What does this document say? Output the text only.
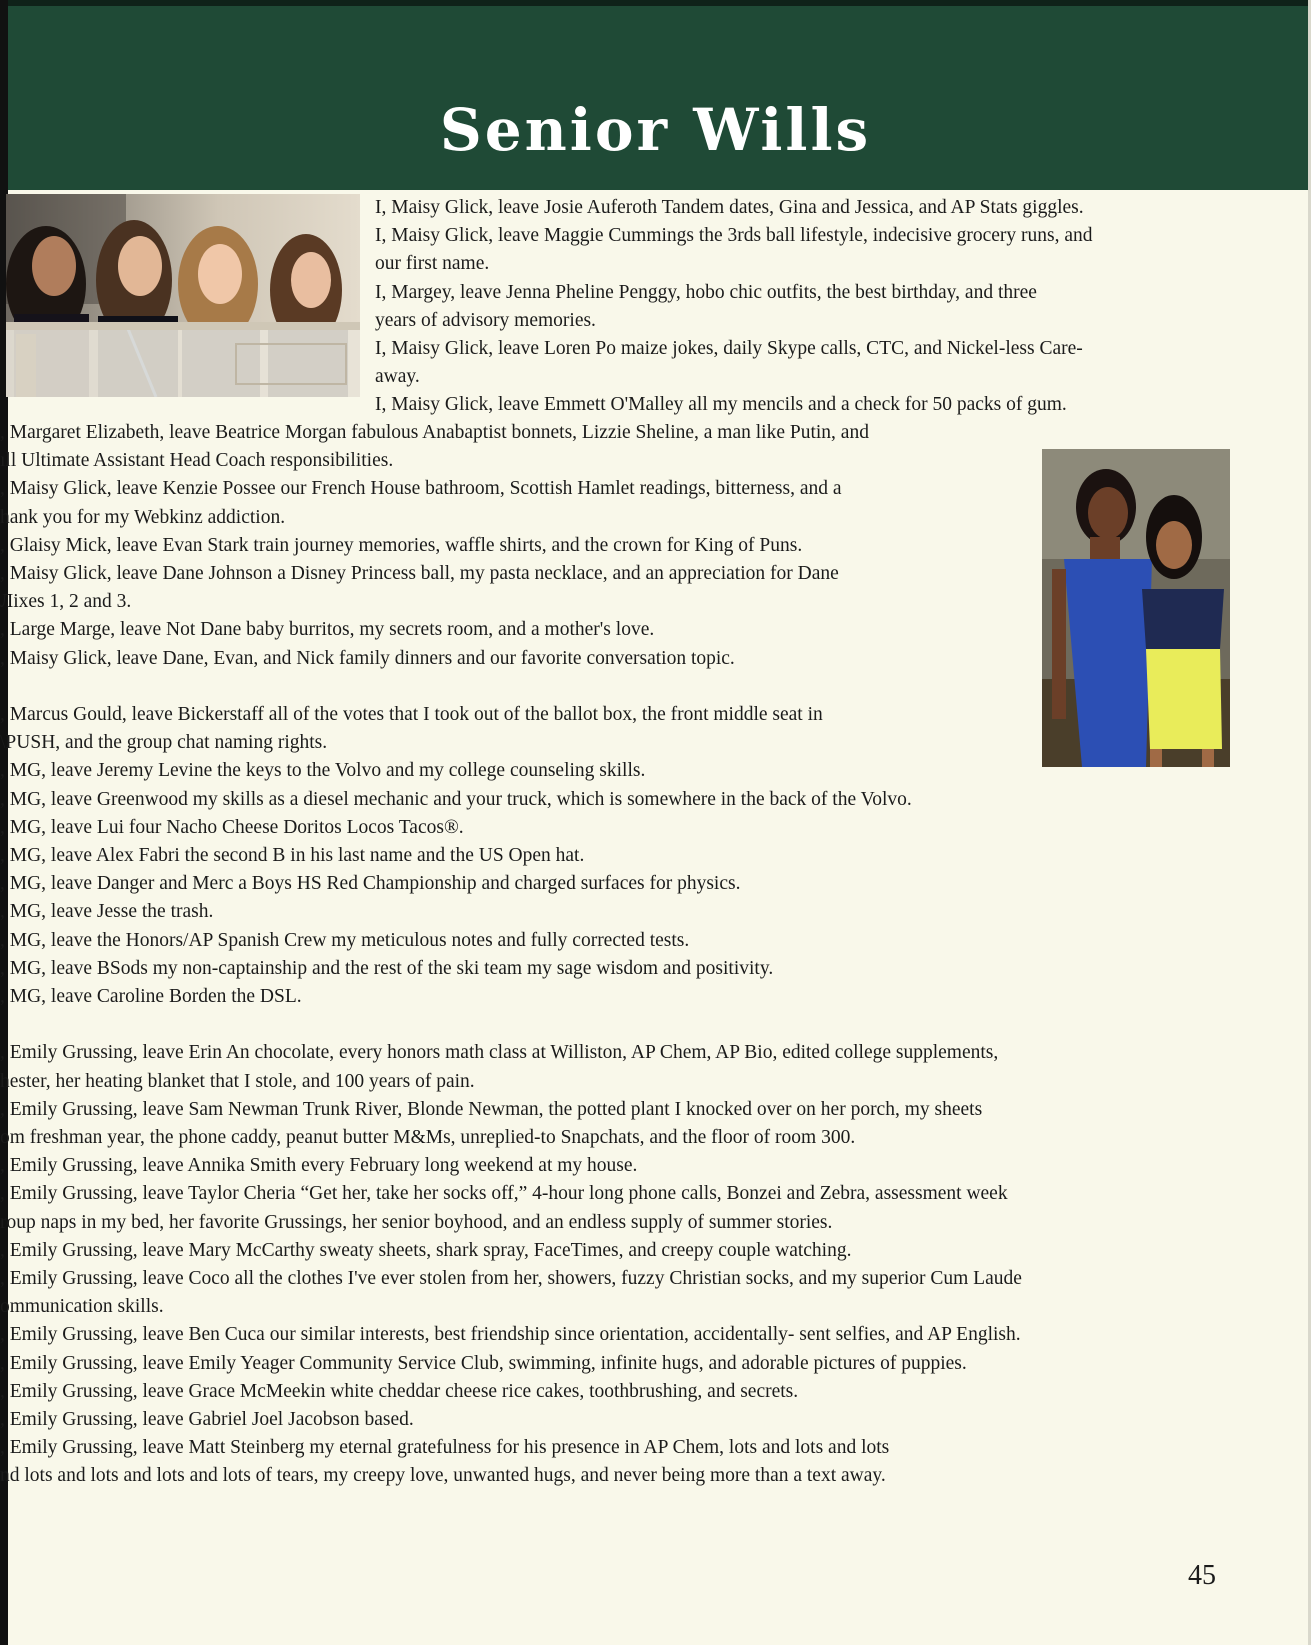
Senior Wills
I, Maisy Glick, leave Josie Auferoth Tandem dates, Gina and Jessica, and AP Stats giggles.
I, Maisy Glick, leave Maggie Cummings the 3rds ball lifestyle, indecisive grocery runs, and
our first name.
I, Margey, leave Jenna Pheline Penggy, hobo chic outfits, the best birthday, and three
years of advisory memories.
I, Maisy Glick, leave Loren Po maize jokes, daily Skype calls, CTC, and Nickel-less Care-
away.
I, Maisy Glick, leave Emmett O'Malley all my mencils and a check for 50 packs of gum.
, Margaret Elizabeth, leave Beatrice Morgan fabulous Anabaptist bonnets, Lizzie Sheline, a man like Putin, and
ıll Ultimate Assistant Head Coach responsibilities.
, Maisy Glick, leave Kenzie Possee our French House bathroom, Scottish Hamlet readings, bitterness, and a
hank you for my Webkinz addiction.
, Glaisy Mick, leave Evan Stark train journey memories, waffle shirts, and the crown for King of Puns.
, Maisy Glick, leave Dane Johnson a Disney Princess ball, my pasta necklace, and an appreciation for Dane
Лixes 1, 2 and 3.
, Large Marge, leave Not Dane baby burritos, my secrets room, and a mother's love.
, Maisy Glick, leave Dane, Evan, and Nick family dinners and our favorite conversation topic.
, Marcus Gould, leave Bickerstaff all of the votes that I took out of the ballot box, the front middle seat in
\PUSH, and the group chat naming rights.
, MG, leave Jeremy Levine the keys to the Volvo and my college counseling skills.
, MG, leave Greenwood my skills as a diesel mechanic and your truck, which is somewhere in the back of the Volvo.
, MG, leave Lui four Nacho Cheese Doritos Locos Tacos®.
, MG, leave Alex Fabri the second B in his last name and the US Open hat.
, MG, leave Danger and Merc a Boys HS Red Championship and charged surfaces for physics.
, MG, leave Jesse the trash.
, MG, leave the Honors/AP Spanish Crew my meticulous notes and fully corrected tests.
, MG, leave BSods my non-captainship and the rest of the ski team my sage wisdom and positivity.
, MG, leave Caroline Borden the DSL.
, Emily Grussing, leave Erin An chocolate, every honors math class at Williston, AP Chem, AP Bio, edited college supplements,
hester, her heating blanket that I stole, and 100 years of pain.
, Emily Grussing, leave Sam Newman Trunk River, Blonde Newman, the potted plant I knocked over on her porch, my sheets
om freshman year, the phone caddy, peanut butter M&Ms, unreplied-to Snapchats, and the floor of room 300.
, Emily Grussing, leave Annika Smith every February long weekend at my house.
, Emily Grussing, leave Taylor Cheria “Get her, take her socks off,” 4-hour long phone calls, Bonzei and Zebra, assessment week
roup naps in my bed, her favorite Grussings, her senior boyhood, and an endless supply of summer stories.
, Emily Grussing, leave Mary McCarthy sweaty sheets, shark spray, FaceTimes, and creepy couple watching.
, Emily Grussing, leave Coco all the clothes I've ever stolen from her, showers, fuzzy Christian socks, and my superior Cum Laude
ommunication skills.
, Emily Grussing, leave Ben Cuca our similar interests, best friendship since orientation, accidentally- sent selfies, and AP English.
, Emily Grussing, leave Emily Yeager Community Service Club, swimming, infinite hugs, and adorable pictures of puppies.
, Emily Grussing, leave Grace McMeekin white cheddar cheese rice cakes, toothbrushing, and secrets.
, Emily Grussing, leave Gabriel Joel Jacobson based.
, Emily Grussing, leave Matt Steinberg my eternal gratefulness for his presence in AP Chem, lots and lots and lots
nd lots and lots and lots and lots of tears, my creepy love, unwanted hugs, and never being more than a text away.
45
